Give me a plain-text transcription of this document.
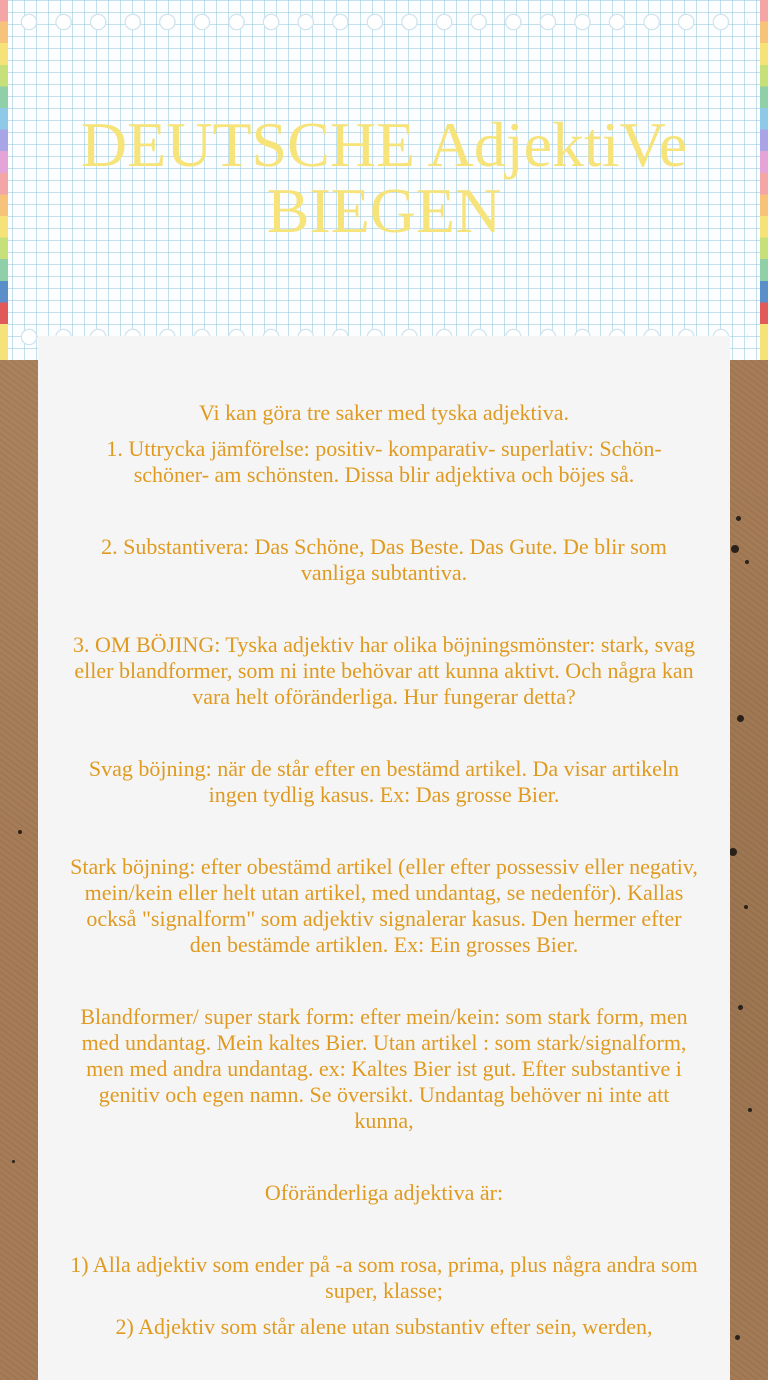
DEUTSCHE AdjektiVe BIEGEN

Vi kan göra tre saker med tyska adjektiva.

1. Uttrycka jämförelse: positiv- komparativ- superlativ: Schön- schöner- am schönsten. Dissa blir adjektiva och böjes så.

2. Substantivera: Das Schöne, Das Beste. Das Gute. De blir som vanliga subtantiva.

3. OM BÖJING: Tyska adjektiv har olika böjningsmönster: stark, svag eller blandformer, som ni inte behövar att kunna aktivt. Och några kan vara helt oföränderliga. Hur fungerar detta?

Svag böjning: när de står efter en bestämd artikel. Da visar artikeln ingen tydlig kasus. Ex: Das grosse Bier.

Stark böjning: efter obestämd artikel (eller efter possessiv eller negativ, mein/kein eller helt utan artikel, med undantag, se nedenför). Kallas också "signalform" som adjektiv signalerar kasus. Den hermer efter den bestämde artiklen. Ex: Ein grosses Bier.

Blandformer/ super stark form: efter mein/kein: som stark form, men med undantag. Mein kaltes Bier. Utan artikel : som stark/signalform, men med andra undantag. ex: Kaltes Bier ist gut. Efter substantive i genitiv och egen namn. Se översikt. Undantag behöver ni inte att kunna,

Oföränderliga adjektiva är:

1) Alla adjektiv som ender på -a som rosa, prima, plus några andra som super, klasse;

2) Adjektiv som står alene utan substantiv efter sein, werden,
